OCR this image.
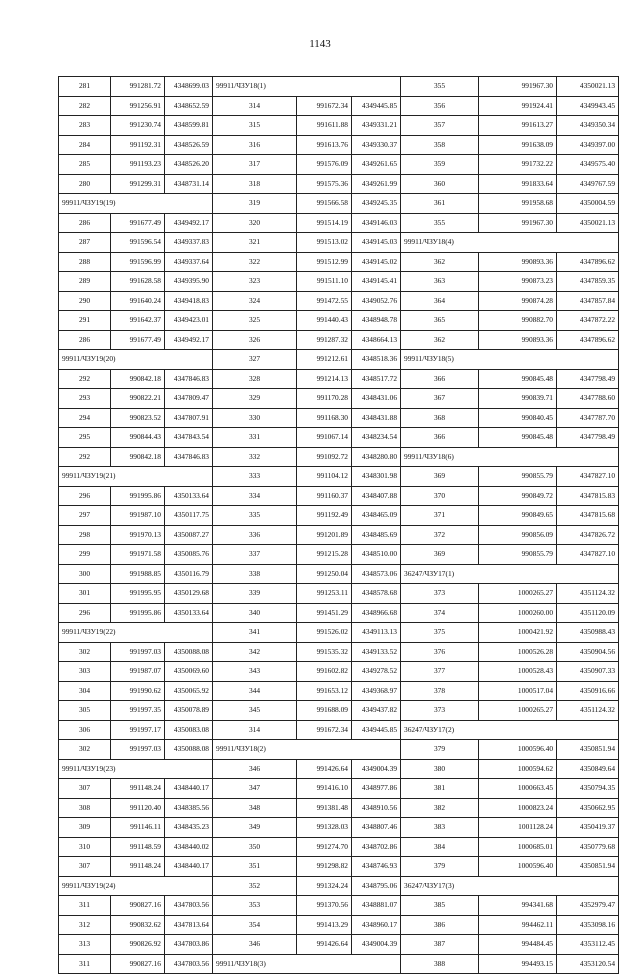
1143
281	991281.72	4348699.03	99911/ЧЗУ18(1)			355	991967.30	4350021.13
282	991256.91	4348652.59	314	991672.34	4349445.85	356	991924.41	4349943.45
283	991230.74	4348599.81	315	991611.88	4349331.21	357	991613.27	4349350.34
284	991192.31	4348526.59	316	991613.76	4349330.37	358	991638.09	4349397.00
285	991193.23	4348526.20	317	991576.09	4349261.65	359	991732.22	4349575.40
280	991299.31	4348731.14	318	991575.36	4349261.99	360	991833.64	4349767.59
99911/ЧЗУ19(19)			319	991566.58	4349245.35	361	991958.68	4350004.59
286	991677.49	4349492.17	320	991514.19	4349146.03	355	991967.30	4350021.13
287	991596.54	4349337.83	321	991513.02	4349145.03	99911/ЧЗУ18(4)		
288	991596.99	4349337.64	322	991512.99	4349145.02	362	990893.36	4347896.62
289	991628.58	4349395.90	323	991511.10	4349145.41	363	990873.23	4347859.35
290	991640.24	4349418.83	324	991472.55	4349052.76	364	990874.28	4347857.84
291	991642.37	4349423.01	325	991440.43	4348948.78	365	990882.70	4347872.22
286	991677.49	4349492.17	326	991287.32	4348664.13	362	990893.36	4347896.62
99911/ЧЗУ19(20)			327	991212.61	4348518.36	99911/ЧЗУ18(5)		
292	990842.18	4347846.83	328	991214.13	4348517.72	366	990845.48	4347798.49
293	990822.21	4347809.47	329	991170.28	4348431.06	367	990839.71	4347788.60
294	990823.52	4347807.91	330	991168.30	4348431.88	368	990840.45	4347787.70
295	990844.43	4347843.54	331	991067.14	4348234.54	366	990845.48	4347798.49
292	990842.18	4347846.83	332	991092.72	4348280.80	99911/ЧЗУ18(6)		
99911/ЧЗУ19(21)			333	991104.12	4348301.98	369	990855.79	4347827.10
296	991995.86	4350133.64	334	991160.37	4348407.88	370	990849.72	4347815.83
297	991987.10	4350117.75	335	991192.49	4348465.09	371	990849.65	4347815.68
298	991970.13	4350087.27	336	991201.89	4348485.69	372	990856.09	4347826.72
299	991971.58	4350085.76	337	991215.28	4348510.00	369	990855.79	4347827.10
300	991988.85	4350116.79	338	991250.04	4348573.06	36247/ЧЗУ17(1)		
301	991995.95	4350129.68	339	991253.11	4348578.68	373	1000265.27	4351124.32
296	991995.86	4350133.64	340	991451.29	4348966.68	374	1000260.00	4351120.09
99911/ЧЗУ19(22)			341	991526.02	4349113.13	375	1000421.92	4350988.43
302	991997.03	4350088.08	342	991535.32	4349133.52	376	1000526.28	4350904.56
303	991987.07	4350069.60	343	991602.82	4349278.52	377	1000528.43	4350907.33
304	991990.62	4350065.92	344	991653.12	4349368.97	378	1000517.04	4350916.66
305	991997.35	4350078.89	345	991688.09	4349437.82	373	1000265.27	4351124.32
306	991997.17	4350083.08	314	991672.34	4349445.85	36247/ЧЗУ17(2)		
302	991997.03	4350088.08	99911/ЧЗУ18(2)			379	1000596.40	4350851.94
99911/ЧЗУ19(23)			346	991426.64	4349004.39	380	1000594.62	4350849.64
307	991148.24	4348440.17	347	991416.10	4348977.86	381	1000663.45	4350794.35
308	991120.40	4348385.56	348	991381.48	4348910.56	382	1000823.24	4350662.95
309	991146.11	4348435.23	349	991328.03	4348807.46	383	1001128.24	4350419.37
310	991148.59	4348440.02	350	991274.70	4348702.86	384	1000685.01	4350779.68
307	991148.24	4348440.17	351	991298.82	4348746.93	379	1000596.40	4350851.94
99911/ЧЗУ19(24)			352	991324.24	4348795.06	36247/ЧЗУ17(3)		
311	990827.16	4347803.56	353	991370.56	4348881.07	385	994341.68	4352979.47
312	990832.62	4347813.64	354	991413.29	4348960.17	386	994462.11	4353098.16
313	990826.92	4347803.86	346	991426.64	4349004.39	387	994484.45	4353112.45
311	990827.16	4347803.56	99911/ЧЗУ18(3)			388	994493.15	4353120.54
